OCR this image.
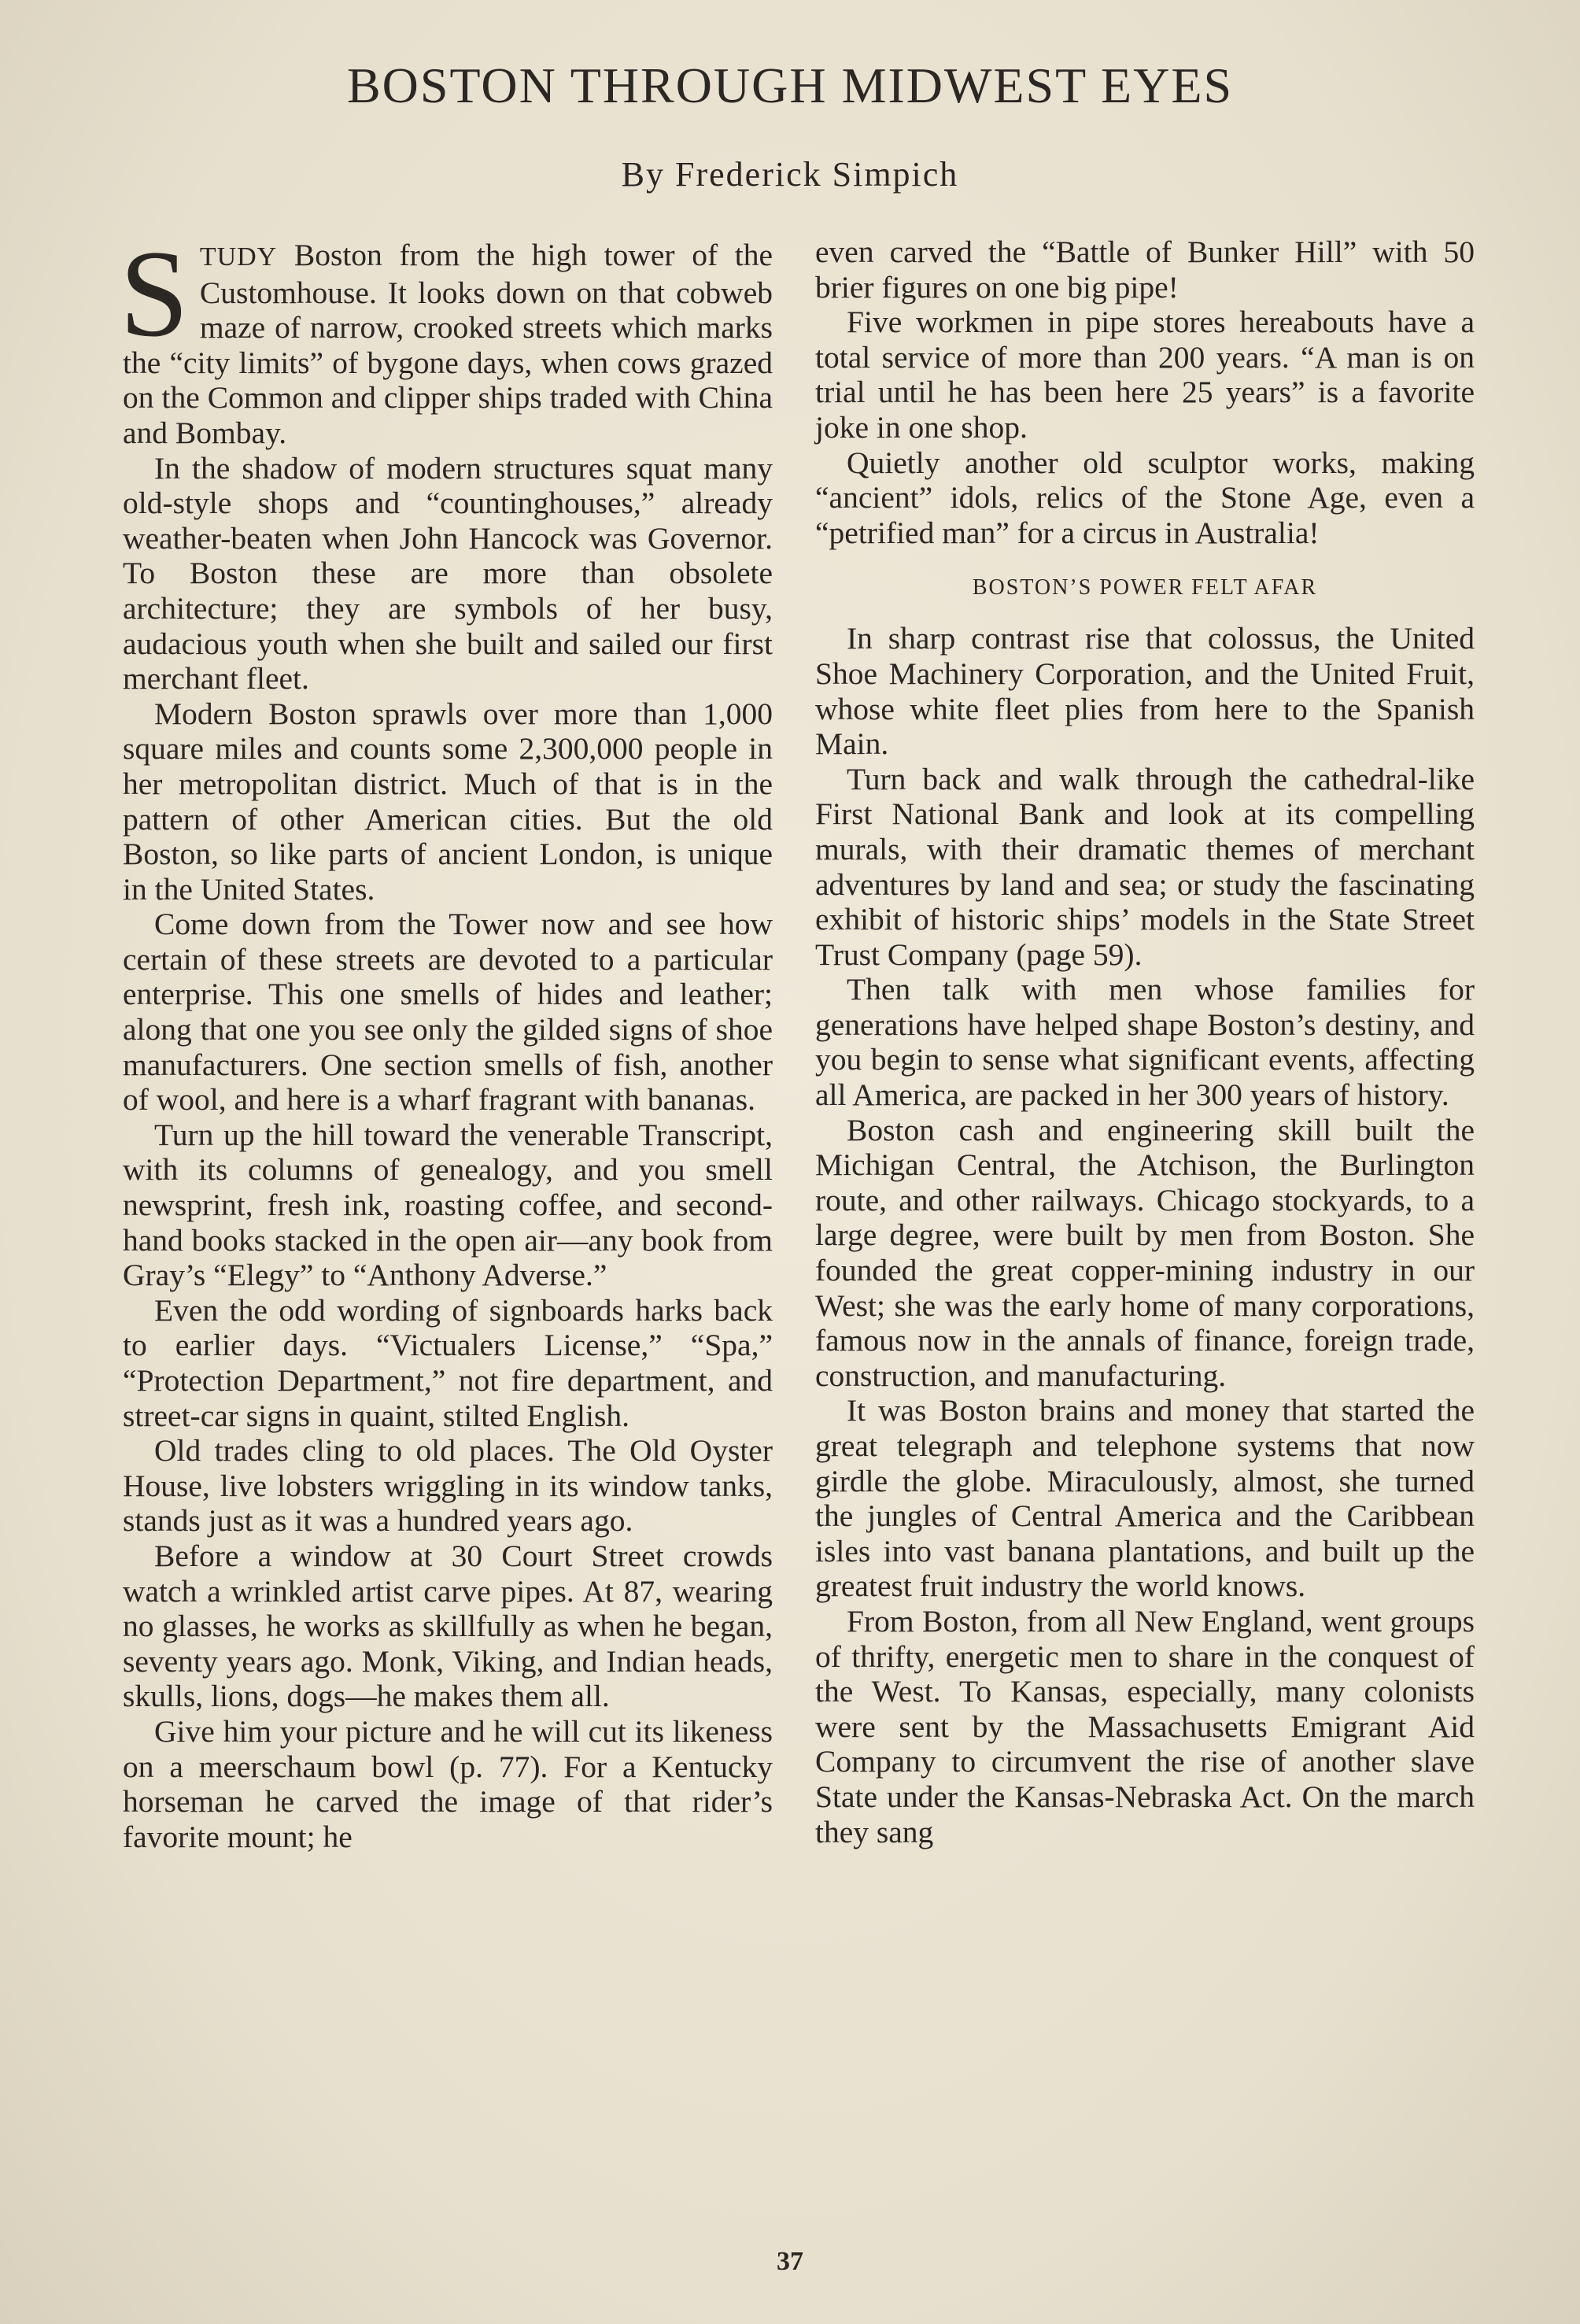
BOSTON THROUGH MIDWEST EYES
By Frederick Simpich

STUDY Boston from the high tower of the Customhouse. It looks down on that cobweb maze of narrow, crooked streets which marks the “city limits” of bygone days, when cows grazed on the Common and clipper ships traded with China and Bombay.

In the shadow of modern structures squat many old-style shops and “countinghouses,” already weather-beaten when John Hancock was Governor. To Boston these are more than obsolete architecture; they are symbols of her busy, audacious youth when she built and sailed our first merchant fleet.

Modern Boston sprawls over more than 1,000 square miles and counts some 2,300,000 people in her metropolitan district. Much of that is in the pattern of other American cities. But the old Boston, so like parts of ancient London, is unique in the United States.

Come down from the Tower now and see how certain of these streets are devoted to a particular enterprise. This one smells of hides and leather; along that one you see only the gilded signs of shoe manufacturers. One section smells of fish, another of wool, and here is a wharf fragrant with bananas.

Turn up the hill toward the venerable Transcript, with its columns of genealogy, and you smell newsprint, fresh ink, roasting coffee, and second-hand books stacked in the open air—any book from Gray’s “Elegy” to “Anthony Adverse.”

Even the odd wording of signboards harks back to earlier days. “Victualers License,” “Spa,” “Protection Department,” not fire department, and street-car signs in quaint, stilted English.

Old trades cling to old places. The Old Oyster House, live lobsters wriggling in its window tanks, stands just as it was a hundred years ago.

Before a window at 30 Court Street crowds watch a wrinkled artist carve pipes. At 87, wearing no glasses, he works as skillfully as when he began, seventy years ago. Monk, Viking, and Indian heads, skulls, lions, dogs—he makes them all.

Give him your picture and he will cut its likeness on a meerschaum bowl (p. 77). For a Kentucky horseman he carved the image of that rider’s favorite mount; he

even carved the “Battle of Bunker Hill” with 50 brier figures on one big pipe!

Five workmen in pipe stores hereabouts have a total service of more than 200 years. “A man is on trial until he has been here 25 years” is a favorite joke in one shop.

Quietly another old sculptor works, making “ancient” idols, relics of the Stone Age, even a “petrified man” for a circus in Australia!

BOSTON’S POWER FELT AFAR

In sharp contrast rise that colossus, the United Shoe Machinery Corporation, and the United Fruit, whose white fleet plies from here to the Spanish Main.

Turn back and walk through the cathedral-like First National Bank and look at its compelling murals, with their dramatic themes of merchant adventures by land and sea; or study the fascinating exhibit of historic ships’ models in the State Street Trust Company (page 59).

Then talk with men whose families for generations have helped shape Boston’s destiny, and you begin to sense what significant events, affecting all America, are packed in her 300 years of history.

Boston cash and engineering skill built the Michigan Central, the Atchison, the Burlington route, and other railways. Chicago stockyards, to a large degree, were built by men from Boston. She founded the great copper-mining industry in our West; she was the early home of many corporations, famous now in the annals of finance, foreign trade, construction, and manufacturing.

It was Boston brains and money that started the great telegraph and telephone systems that now girdle the globe. Miraculously, almost, she turned the jungles of Central America and the Caribbean isles into vast banana plantations, and built up the greatest fruit industry the world knows.

From Boston, from all New England, went groups of thrifty, energetic men to share in the conquest of the West. To Kansas, especially, many colonists were sent by the Massachusetts Emigrant Aid Company to circumvent the rise of another slave State under the Kansas-Nebraska Act. On the march they sang

37
